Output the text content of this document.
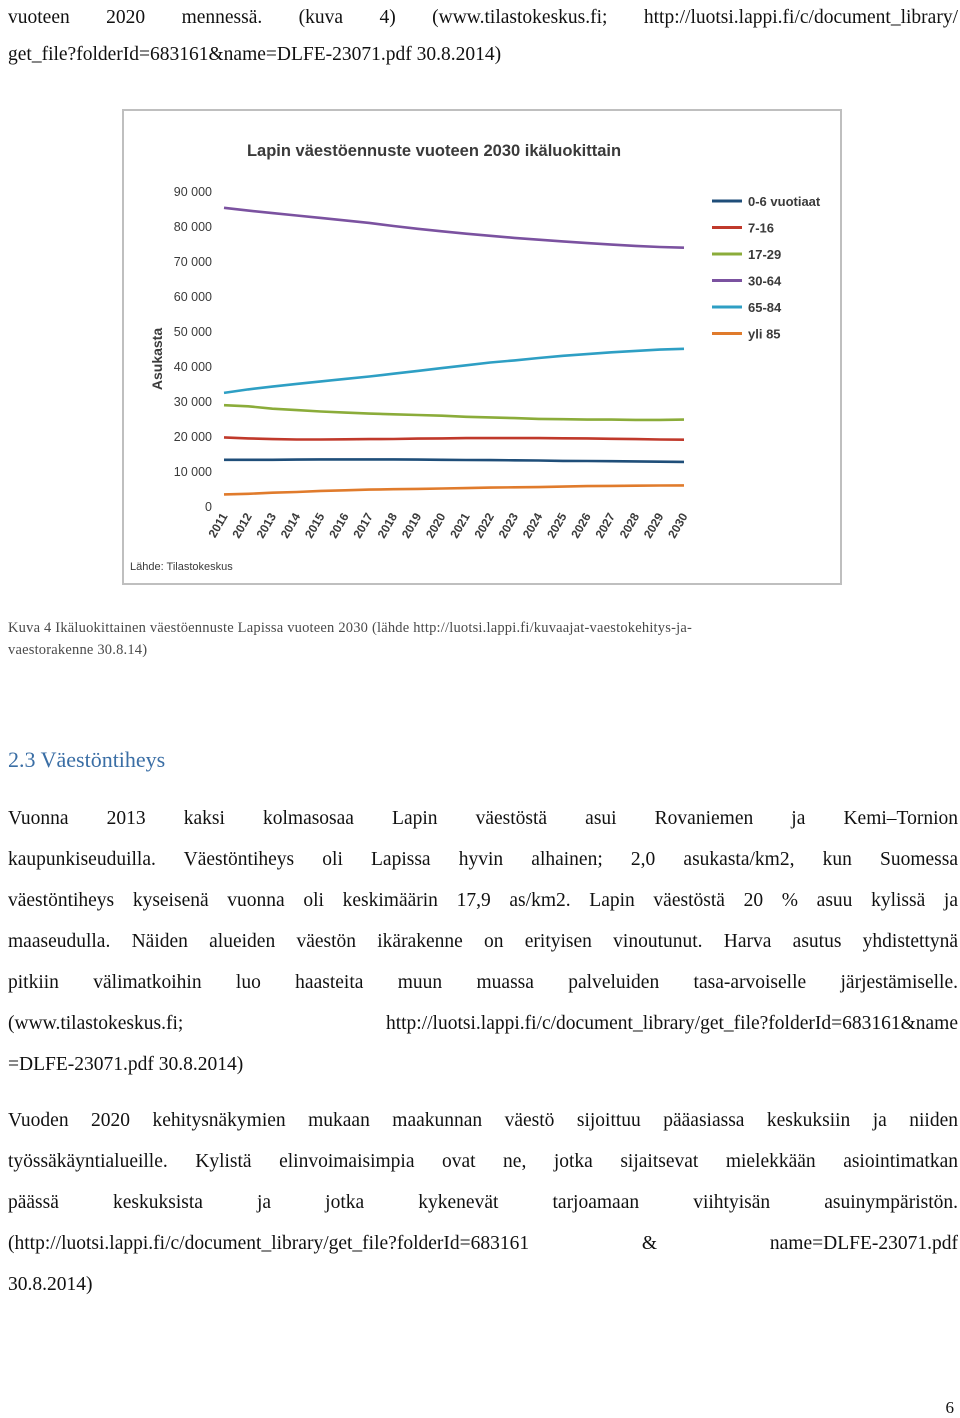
vuoteen 2020 mennessä. (kuva 4) (www.tilastokeskus.fi; http://luotsi.lappi.fi/c/document_library/
get_file?folderId=683161&name=DLFE-23071.pdf 30.8.2014)
Lapin väestöennuste vuoteen 2030 ikäluokittain
Asukasta
Lähde: Tilastokeskus
0
10 000
20 000
30 000
40 000
50 000
60 000
70 000
80 000
90 000
2011
2012
2013
2014
2015
2016
2017
2018
2019
2020
2021
2022
2023
2024
2025
2026
2027
2028
2029
2030
0-6 vuotiaat
7-16
17-29
30-64
65-84
yli 85
Kuva 4 Ikäluokittainen väestöennuste Lapissa vuoteen 2030 (lähde http://luotsi.lappi.fi/kuvaajat-vaestokehitys-ja-
vaestorakenne 30.8.14)
2.3 Väestöntiheys
Vuonna 2013 kaksi kolmasosaa Lapin väestöstä asui Rovaniemen ja Kemi–Tornion
kaupunkiseuduilla. Väestöntiheys oli Lapissa hyvin alhainen; 2,0 asukasta/km2, kun Suomessa
väestöntiheys kyseisenä vuonna oli keskimäärin 17,9 as/km2. Lapin väestöstä 20 % asuu kylissä ja
maaseudulla. Näiden alueiden väestön ikärakenne on erityisen vinoutunut. Harva asutus yhdistettynä
pitkiin välimatkoihin luo haasteita muun muassa palveluiden tasa-arvoiselle järjestämiselle.
(www.tilastokeskus.fi; http://luotsi.lappi.fi/c/document_library/get_file?folderId=683161&name
=DLFE-23071.pdf 30.8.2014)
Vuoden 2020 kehitysnäkymien mukaan maakunnan väestö sijoittuu pääasiassa keskuksiin ja niiden
työssäkäyntialueille. Kylistä elinvoimaisimpia ovat ne, jotka sijaitsevat mielekkään asiointimatkan
päässä keskuksista ja jotka kykenevät tarjoamaan viihtyisän asuinympäristön.
(http://luotsi.lappi.fi/c/document_library/get_file?folderId=683161 & name=DLFE-23071.pdf
30.8.2014)
6
